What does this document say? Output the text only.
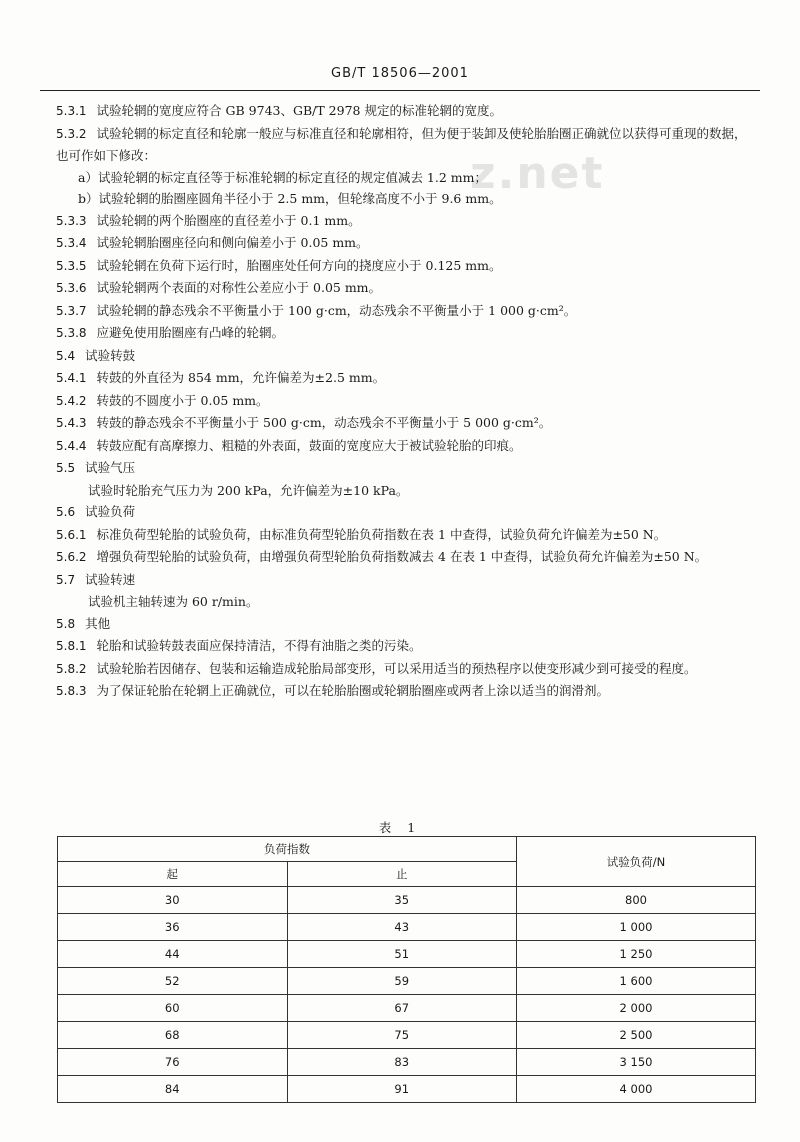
GB/T 18506—2001
z.net

5.3.1 试验轮辋的宽度应符合 GB 9743、GB/T 2978 规定的标准轮辋的宽度。

5.3.2 试验轮辋的标定直径和轮廓一般应与标准直径和轮廓相符，但为便于装卸及使轮胎胎圈正确就位以获得可重现的数据，也可作如下修改：

a）试验轮辋的标定直径等于标准轮辋的标定直径的规定值减去 1.2 mm；

b）试验轮辋的胎圈座圆角半径小于 2.5 mm，但轮缘高度不小于 9.6 mm。

5.3.3 试验轮辋的两个胎圈座的直径差小于 0.1 mm。

5.3.4 试验轮辋胎圈座径向和侧向偏差小于 0.05 mm。

5.3.5 试验轮辋在负荷下运行时，胎圈座处任何方向的挠度应小于 0.125 mm。

5.3.6 试验轮辋两个表面的对称性公差应小于 0.05 mm。

5.3.7 试验轮辋的静态残余不平衡量小于 100 g·cm，动态残余不平衡量小于 1 000 g·cm²。

5.3.8 应避免使用胎圈座有凸峰的轮辋。

5.4 试验转鼓

5.4.1 转鼓的外直径为 854 mm，允许偏差为±2.5 mm。

5.4.2 转鼓的不圆度小于 0.05 mm。

5.4.3 转鼓的静态残余不平衡量小于 500 g·cm，动态残余不平衡量小于 5 000 g·cm²。

5.4.4 转鼓应配有高摩擦力、粗糙的外表面，鼓面的宽度应大于被试验轮胎的印痕。

5.5 试验气压

试验时轮胎充气压力为 200 kPa，允许偏差为±10 kPa。

5.6 试验负荷

5.6.1 标准负荷型轮胎的试验负荷，由标准负荷型轮胎负荷指数在表 1 中查得，试验负荷允许偏差为±50 N。

5.6.2 增强负荷型轮胎的试验负荷，由增强负荷型轮胎负荷指数减去 4 在表 1 中查得，试验负荷允许偏差为±50 N。

5.7 试验转速

试验机主轴转速为 60 r/min。

5.8 其他

5.8.1 轮胎和试验转鼓表面应保持清洁，不得有油脂之类的污染。

5.8.2 试验轮胎若因储存、包装和运输造成轮胎局部变形，可以采用适当的预热程序以使变形减少到可接受的程度。

5.8.3 为了保证轮胎在轮辋上正确就位，可以在轮胎胎圈或轮辋胎圈座或两者上涂以适当的润滑剂。

表 1
负荷指数		试验负荷/N
起	止	
30	35	800
36	43	1 000
44	51	1 250
52	59	1 600
60	67	2 000
68	75	2 500
76	83	3 150
84	91	4 000
